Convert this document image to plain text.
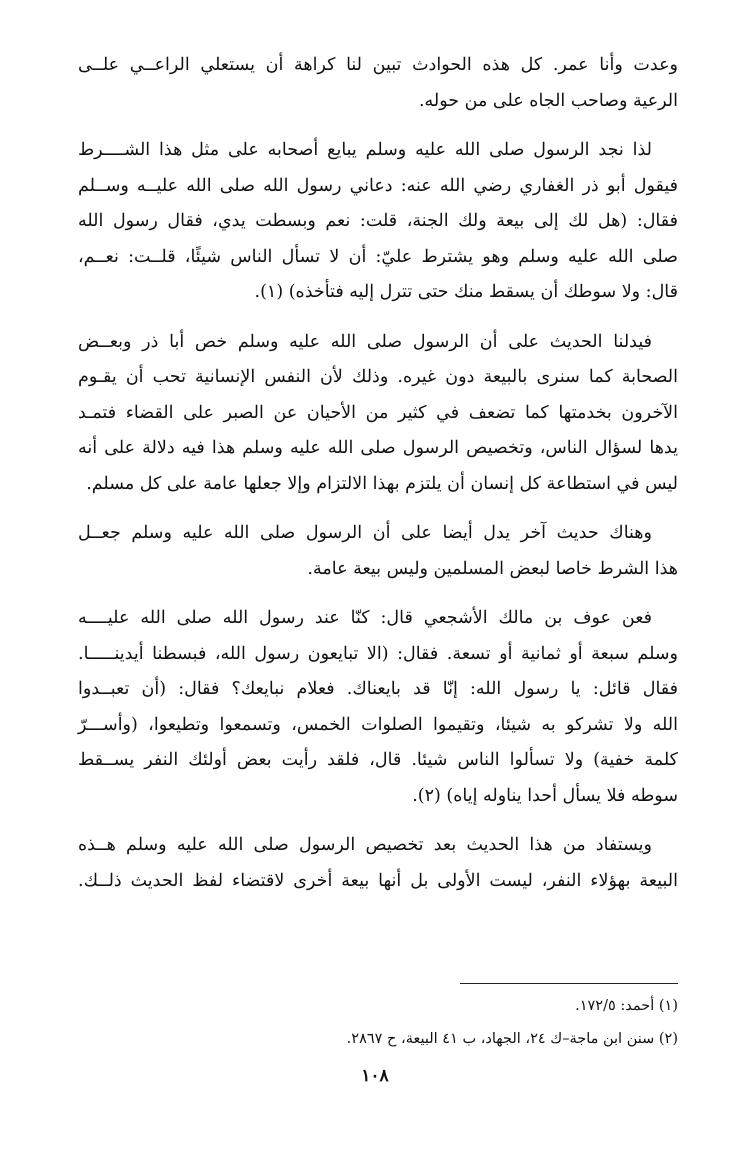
وعدت وأنا عمر. كل هذه الحوادث تبين لنا كراهة أن يستعلي الراعــي علــى
الرعية وصاحب الجاه على من حوله.
لذا نجد الرسول صلى الله عليه وسلم يبايع أصحابه على مثل هذا الشــــرط
فيقول أبو ذر الغفاري رضي الله عنه: دعاني رسول الله صلى الله عليــه وســلم
فقال: (هل لك إلى بيعة ولك الجنة، قلت: نعم وبسطت يدي، فقال رسول الله
صلى الله عليه وسلم وهو يشترط عليّ: أن لا تسأل الناس شيئًا، قلــت: نعــم،
قال: ولا سوطك أن يسقط منك حتى تترل إليه فتأخذه) (١).
فيدلنا الحديث على أن الرسول صلى الله عليه وسلم خص أبا ذر وبعــض
الصحابة كما سنرى بالبيعة دون غيره. وذلك لأن النفس الإنسانية تحب أن يقـوم
الآخرون بخدمتها كما تضعف في كثير من الأحيان عن الصبر على القضاء فتمـد
يدها لسؤال الناس، وتخصيص الرسول صلى الله عليه وسلم هذا فيه دلالة على أنه
ليس في استطاعة كل إنسان أن يلتزم بهذا الالتزام وإلا جعلها عامة على كل مسلم.
وهناك حديث آخر يدل أيضا على أن الرسول صلى الله عليه وسلم جعــل
هذا الشرط خاصا لبعض المسلمين وليس بيعة عامة.
فعن عوف بن مالك الأشجعي قال: كنّا عند رسول الله صلى الله عليــــه
وسلم سبعة أو ثمانية أو تسعة. فقال: (الا تبايعون رسول الله، فبسطنا أيدينـــــا.
فقال قائل: يا رسول الله: إنّا قد بايعناك. فعلام نبايعك؟ فقال: (أن تعبــدوا
الله ولا تشركو به شيئا، وتقيموا الصلوات الخمس، وتسمعوا وتطيعوا، (وأســـرّ
كلمة خفية) ولا تسألوا الناس شيئا. قال، فلقد رأيت بعض أولئك النفر يســقط
سوطه فلا يسأل أحدا يناوله إياه) (٢).
ويستفاد من هذا الحديث بعد تخصيص الرسول صلى الله عليه وسلم هــذه
البيعة بهؤلاء النفر، ليست الأولى بل أنها بيعة أخرى لاقتضاء لفظ الحديث ذلــك.
(١) أحمد: ١٧٢/٥.
(٢) سنن ابن ماجة–ك ٢٤، الجهاد، ب ٤١ البيعة، ح ٢٨٦٧.
١٠٨
